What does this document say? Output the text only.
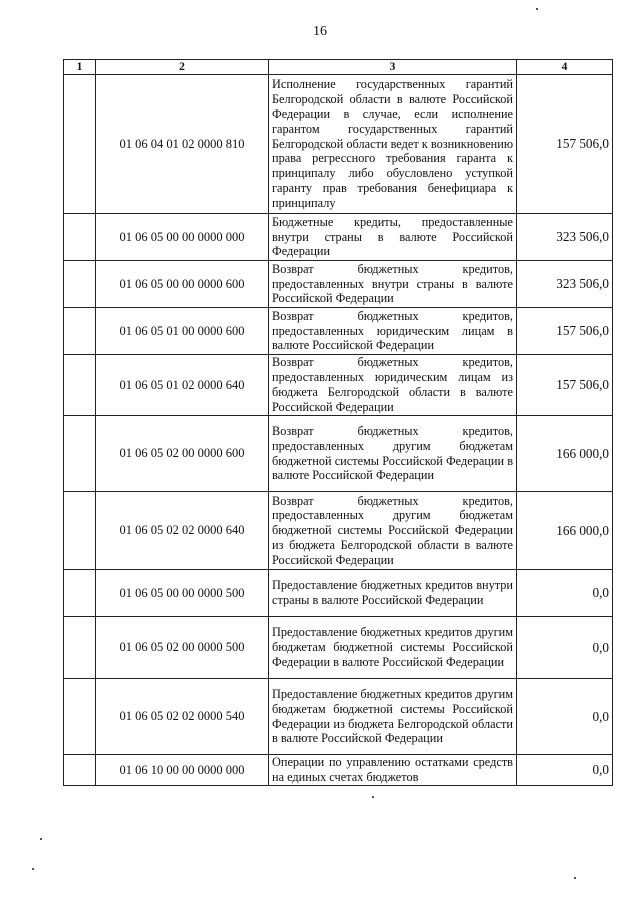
16
1	2	3	4
	01 06 04 01 02 0000 810	Исполнение государственных гарантий Белгородской области в валюте Российской Федерации в случае, если исполнение гарантом государственных гарантий Белгородской области ведет к возникновению права регрессного требования гаранта к принципалу либо обусловлено уступкой гаранту прав требования бенефициара к принципалу	157 506,0
	01 06 05 00 00 0000 000	Бюджетные кредиты, предоставленные внутри страны в валюте Российской Федерации	323 506,0
	01 06 05 00 00 0000 600	Возврат бюджетных кредитов, предоставленных внутри страны в валюте Российской Федерации	323 506,0
	01 06 05 01 00 0000 600	Возврат бюджетных кредитов, предоставленных юридическим лицам в валюте Российской Федерации	157 506,0
	01 06 05 01 02 0000 640	Возврат бюджетных кредитов, предоставленных юридическим лицам из бюджета Белгородской области в валюте Российской Федерации	157 506,0
	01 06 05 02 00 0000 600	Возврат бюджетных кредитов, предоставленных другим бюджетам бюджетной системы Российской Федерации в валюте Российской Федерации	166 000,0
	01 06 05 02 02 0000 640	Возврат бюджетных кредитов, предоставленных другим бюджетам бюджетной системы Российской Федерации из бюджета Белгородской области в валюте Российской Федерации	166 000,0
	01 06 05 00 00 0000 500	Предоставление бюджетных кредитов внутри страны в валюте Российской Федерации	0,0
	01 06 05 02 00 0000 500	Предоставление бюджетных кредитов другим бюджетам бюджетной системы Российской Федерации в валюте Российской Федерации	0,0
	01 06 05 02 02 0000 540	Предоставление бюджетных кредитов другим бюджетам бюджетной системы Российской Федерации из бюджета Белгородской области в валюте Российской Федерации	0,0
	01 06 10 00 00 0000 000	Операции по управлению остатками средств на единых счетах бюджетов	0,0
